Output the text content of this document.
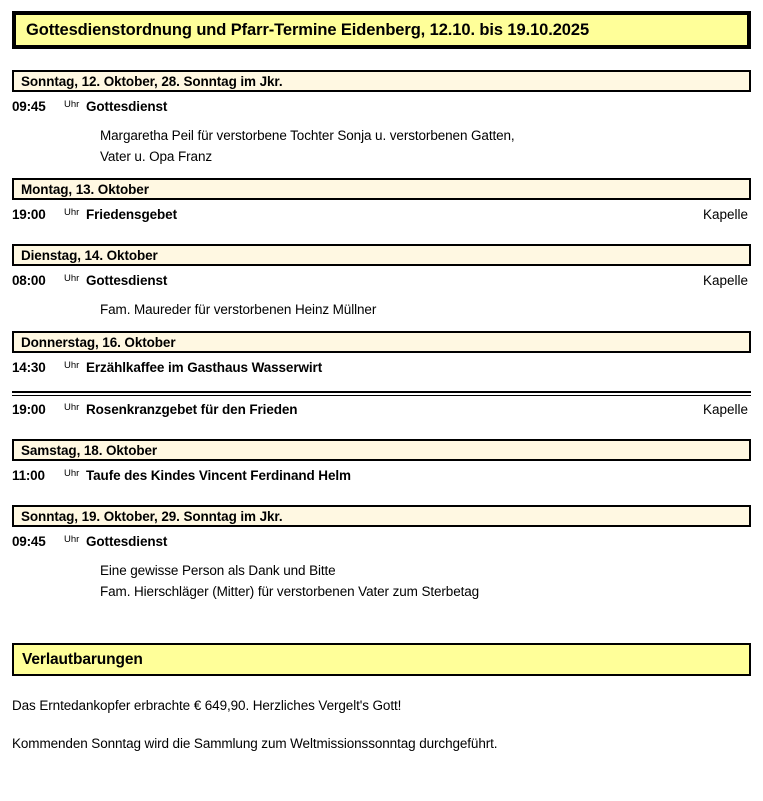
Gottesdienstordnung und Pfarr-Termine Eidenberg, 12.10. bis 19.10.2025
Sonntag, 12. Oktober, 28. Sonntag im Jkr.
09:45	Uhr Gottesdienst
Margaretha Peil für verstorbene Tochter Sonja u. verstorbenen Gatten,
Vater u. Opa Franz
Montag, 13. Oktober
19:00	Uhr Friedensgebet	Kapelle
Dienstag, 14. Oktober
08:00	Uhr Gottesdienst	Kapelle
Fam. Maureder für verstorbenen Heinz Müllner
Donnerstag, 16. Oktober
14:30	Uhr Erzählkaffee im Gasthaus Wasserwirt
19:00	Uhr Rosenkranzgebet für den Frieden	Kapelle
Samstag, 18. Oktober
11:00	Uhr Taufe des Kindes Vincent Ferdinand Helm
Sonntag, 19. Oktober, 29. Sonntag im Jkr.
09:45	Uhr Gottesdienst
Eine gewisse Person als Dank und Bitte
Fam. Hierschläger (Mitter) für verstorbenen Vater zum Sterbetag
Verlautbarungen
Das Erntedankopfer erbrachte € 649,90. Herzliches Vergelt's Gott!
Kommenden Sonntag wird die Sammlung zum Weltmissionssonntag durchgeführt.
